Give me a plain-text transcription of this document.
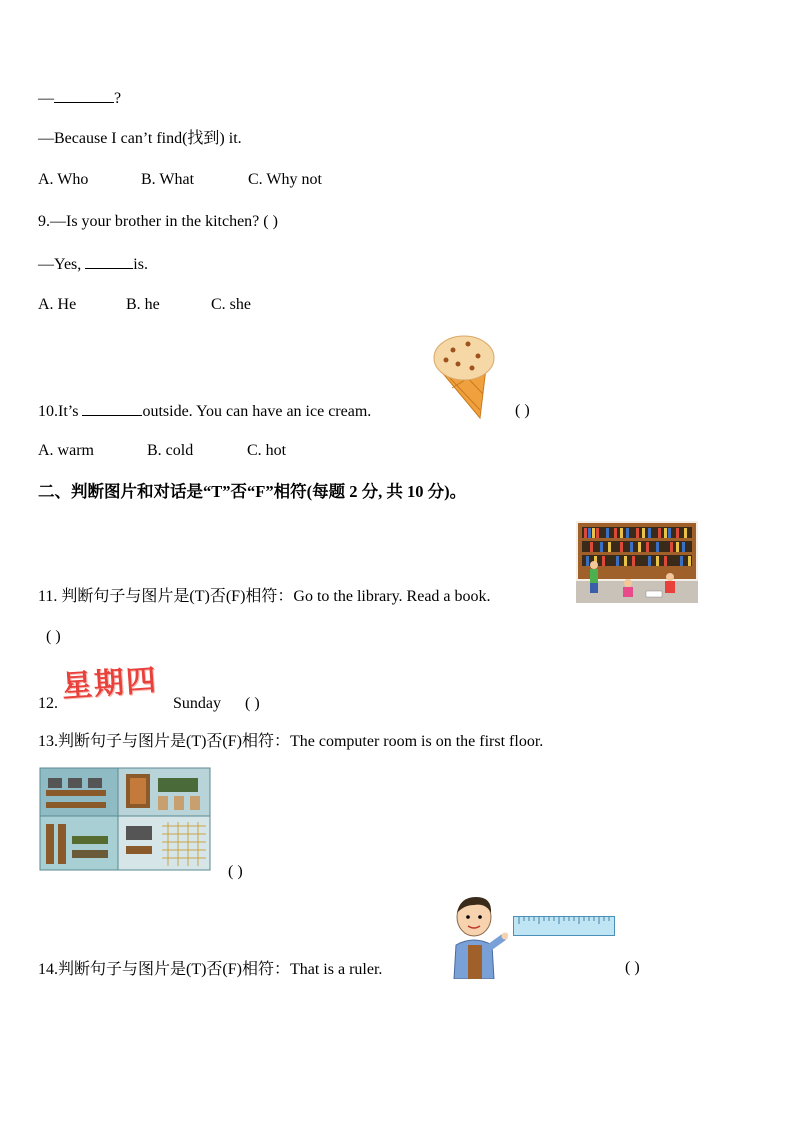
—	?
—Because I can’t find(找到) it.
A. Who	B. What	C. Why not
9.—Is your brother in the kitchen? ( )
—Yes,	is.
A. He	B. he	C. she
10.It’s	outside. You can have an ice cream.	( )
A. warm	B. cold	C. hot
二、判断图片和对话是“T”否“F”相符(每题 2 分, 共 10 分)。
11. 判断句子与图片是(T)否(F)相符：Go to the library. Read a book.
( )
12. 星期四 Sunday ( )
13.判断句子与图片是(T)否(F)相符：The computer room is on the first floor.
( )
14.判断句子与图片是(T)否(F)相符：That is a ruler.	( )
